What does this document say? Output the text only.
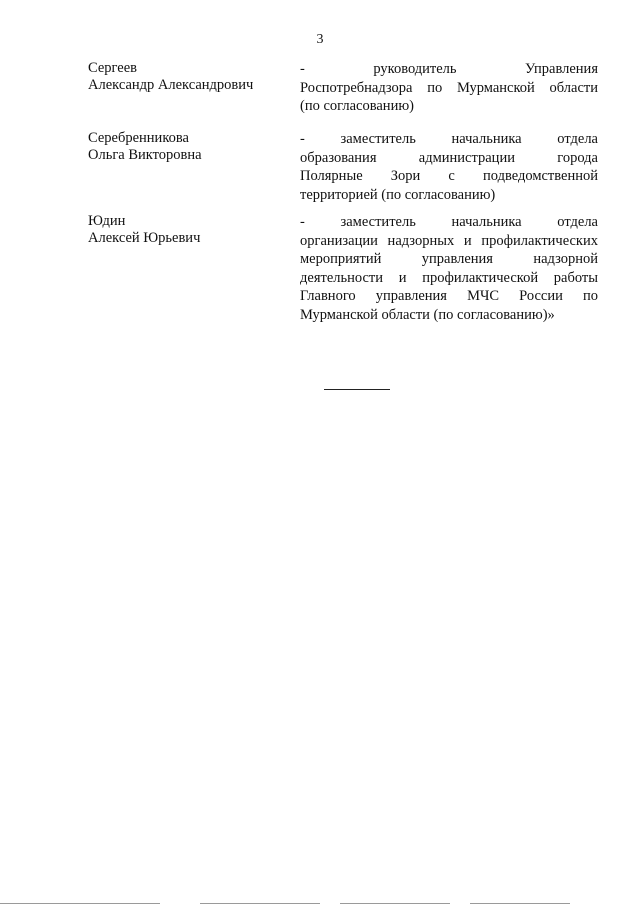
3
Сергеев
Александр Александрович
- руководитель Управления
Роспотребнадзора по Мурманской области
(по согласованию)
Серебренникова
Ольга Викторовна
- заместитель начальника отдела
образования администрации города
Полярные Зори с подведомственной
территорией (по согласованию)
Юдин
Алексей Юрьевич
- заместитель начальника отдела
организации надзорных и профилактических
мероприятий управления надзорной
деятельности и профилактической работы
Главного управления МЧС России по
Мурманской области (по согласованию)»
